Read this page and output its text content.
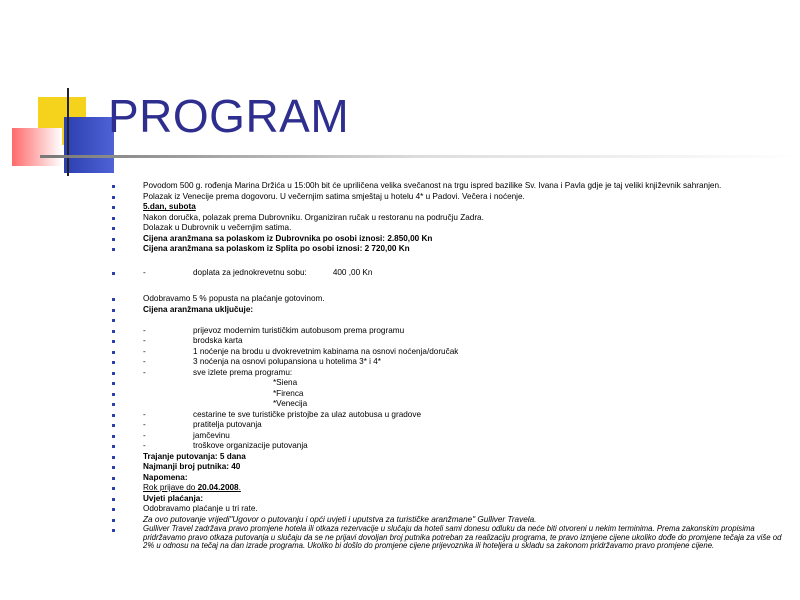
PROGRAM
Povodom 500 g. rođenja Marina Držića u 15:00h bit će upriličena velika svečanost na trgu ispred bazilike Sv. Ivana i Pavla gdje je taj veliki književnik sahranjen.
Polazak iz Venecije prema dogovoru. U večernjim satima smještaj u hotelu 4* u Padovi. Večera i noćenje.
5.dan, subota
Nakon doručka, polazak prema Dubrovniku. Organiziran ručak u restoranu na području Zadra.
Dolazak u Dubrovnik u večernjim satima.
Cijena aranžmana sa polaskom iz Dubrovnika po osobi iznosi: 2.850,00 Kn
Cijena aranžmana sa polaskom iz Splita po osobi iznosi: 2 720,00 Kn
-	doplata za jednokrevetnu sobu:	400 ,00 Kn
Odobravamo 5 % popusta na plaćanje gotovinom.
Cijena aranžmana uključuje:
-	prijevoz modernim turističkim autobusom prema programu
-	brodska karta
-	1 noćenje na brodu u dvokrevetnim kabinama na osnovi noćenja/doručak
-	3 noćenja na osnovi polupansiona u hotelima 3* i 4*
-	sve izlete prema programu:
*Siena
*Firenca
*Venecija
-	cestarine te sve turističke pristojbe za ulaz autobusa u gradove
-	pratitelja putovanja
-	jamčevinu
-	troškove organizacije putovanja
Trajanje putovanja: 5 dana
Najmanji broj putnika: 40
Napomena:
Rok prijave do 20.04.2008.
Uvjeti plaćanja:
Odobravamo plaćanje u tri rate.
Za ovo putovanje vrijedi"Ugovor o putovanju i opći uvjeti i uputstva za turističke aranžmane" Gulliver Travela.
Gulliver Travel zadržava pravo promjene hotela ili otkaza rezervacije u slučaju da hoteli sami donesu odluku da neće biti otvoreni u nekim terminima. Prema zakonskim propisima pridržavamo pravo otkaza putovanja u slučaju da se ne prijavi dovoljan broj putnika potreban za realizaciju programa, te pravo izmjene cijene ukoliko dođe do promjene tečaja za više od 2% u odnosu na tečaj na dan izrade programa. Ukoliko bi došlo do promjene cijene prijevoznika ili hoteljera u skladu sa zakonom pridržavamo pravo promjene cijene.
